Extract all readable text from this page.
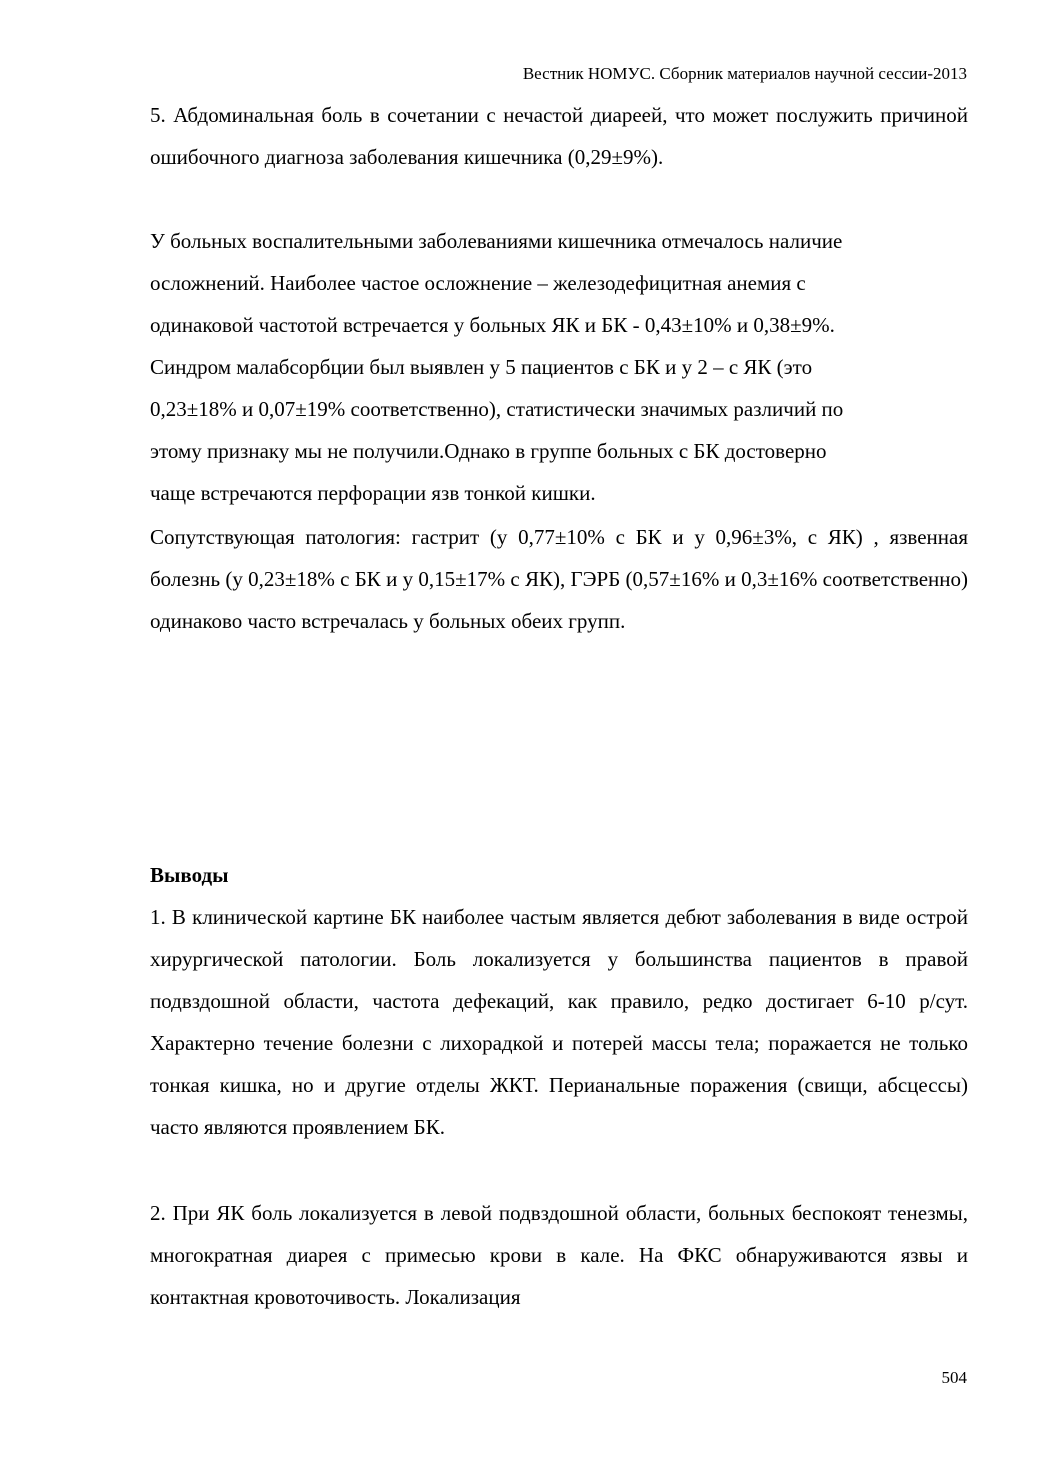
Вестник НОМУС. Сборник материалов научной сессии-2013

5. Абдоминальная боль в сочетании с нечастой диареей, что может послужить причиной ошибочного диагноза заболевания кишечника (0,29±9%).

У больных воспалительными заболеваниями кишечника отмечалось наличие

осложнений. Наиболее частое осложнение – железодефицитная анемия с

одинаковой частотой встречается у больных ЯК и БК - 0,43±10% и 0,38±9%.

Синдром малабсорбции был выявлен у 5 пациентов с БК и у 2 – с ЯК (это

0,23±18% и 0,07±19% соответственно), статистически значимых различий по

этому признаку мы не получили.Однако в группе больных с БК достоверно

чаще встречаются перфорации язв тонкой кишки.

Сопутствующая патология: гастрит (у 0,77±10% с БК и у 0,96±3%, с ЯК) , язвенная болезнь (у 0,23±18% с БК и у 0,15±17% с ЯК), ГЭРБ (0,57±16% и 0,3±16% соответственно) одинаково часто встречалась у больных обеих групп.

Выводы

1. В клинической картине БК наиболее частым является дебют заболевания в виде острой хирургической патологии. Боль локализуется у большинства пациентов в правой подвздошной области, частота дефекаций, как правило, редко достигает 6-10 р/сут. Характерно течение болезни с лихорадкой и потерей массы тела; поражается не только тонкая кишка, но и другие отделы ЖКТ. Перианальные поражения (свищи, абсцессы) часто являются проявлением БК.

2. При ЯК боль локализуется в левой подвздошной области, больных беспокоят тенезмы, многократная диарея с примесью крови в кале. На ФКС обнаруживаются язвы и контактная кровоточивость. Локализация

504
